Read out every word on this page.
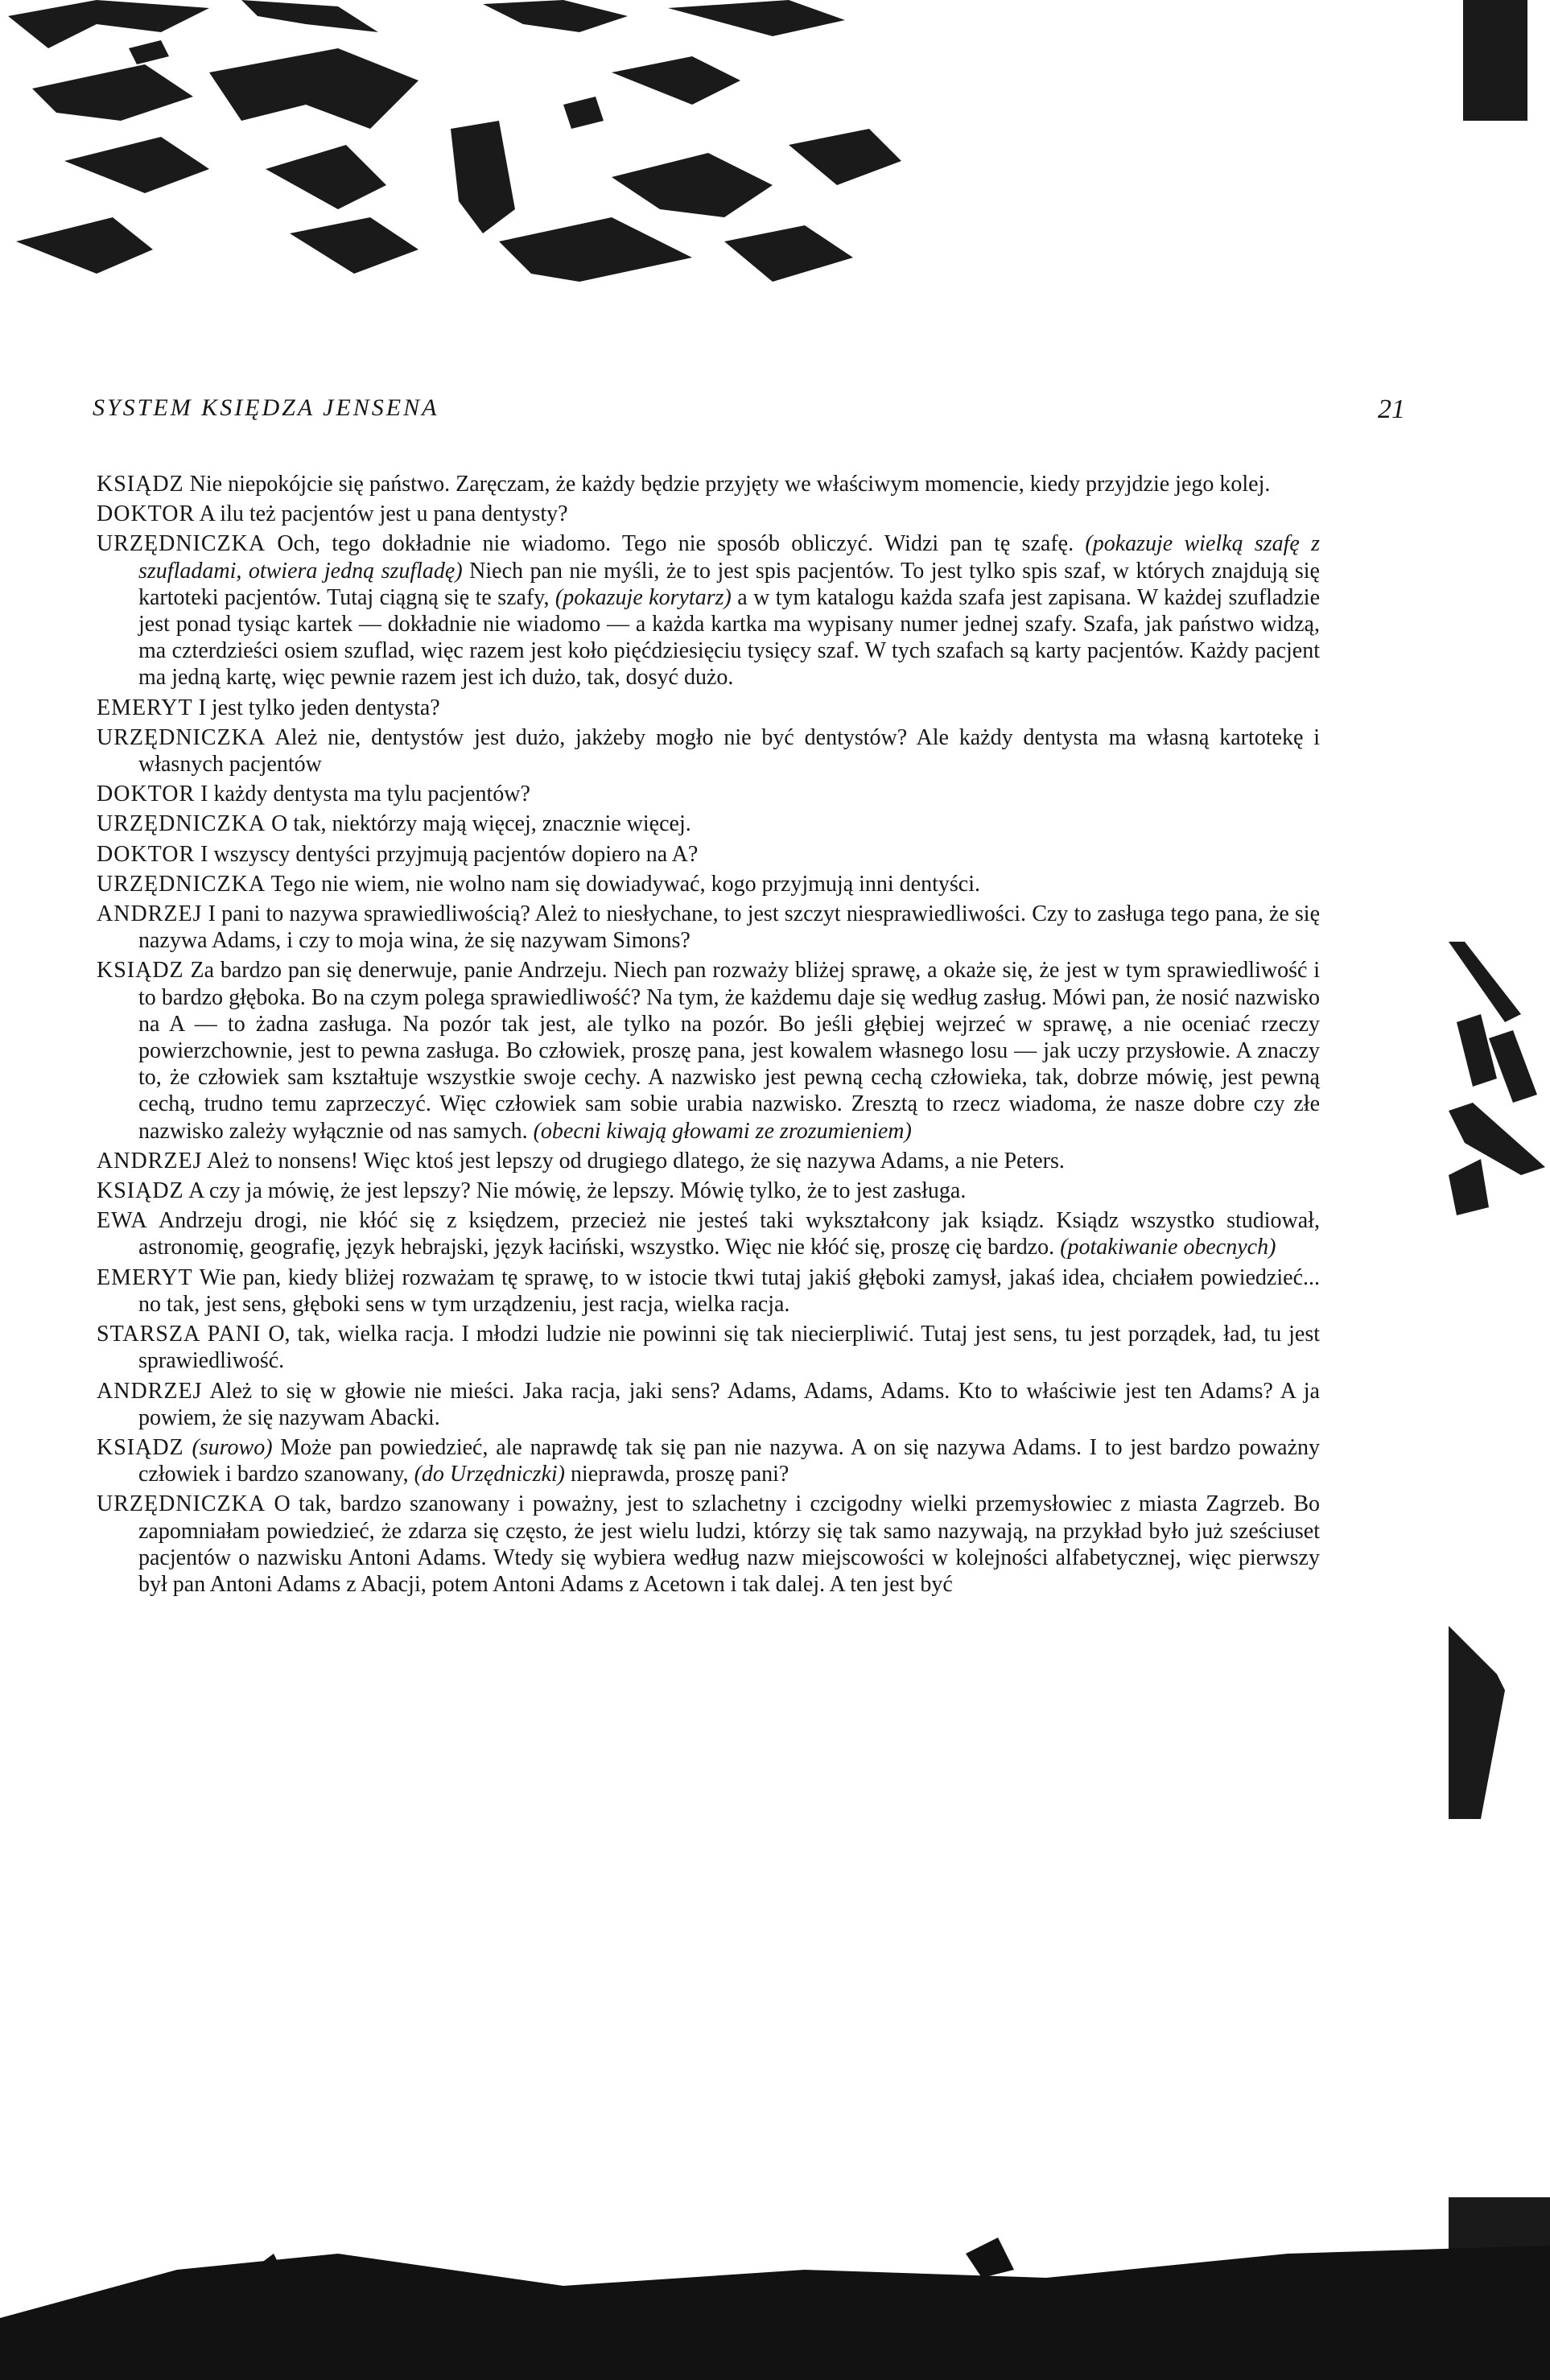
SYSTEM KSIĘDZA JENSENA	21

KSIĄDZ Nie niepokójcie się państwo. Zaręczam, że każdy będzie przyjęty we właściwym momencie, kiedy przyjdzie jego kolej.

DOKTOR A ilu też pacjentów jest u pana dentysty?

URZĘDNICZKA Och, tego dokładnie nie wiadomo. Tego nie sposób obliczyć. Widzi pan tę szafę. (pokazuje wielką szafę z szufladami, otwiera jedną szufladę) Niech pan nie myśli, że to jest spis pacjentów. To jest tylko spis szaf, w których znajdują się kartoteki pacjentów. Tutaj ciągną się te szafy, (pokazuje korytarz) a w tym katalogu każda szafa jest zapisana. W każdej szufladzie jest ponad tysiąc kartek — dokładnie nie wiadomo — a każda kartka ma wypisany numer jednej szafy. Szafa, jak państwo widzą, ma czterdzieści osiem szuflad, więc razem jest koło pięćdziesięciu tysięcy szaf. W tych szafach są karty pacjentów. Każdy pacjent ma jedną kartę, więc pewnie razem jest ich dużo, tak, dosyć dużo.

EMERYT I jest tylko jeden dentysta?

URZĘDNICZKA Ależ nie, dentystów jest dużo, jakżeby mogło nie być dentystów? Ale każdy dentysta ma własną kartotekę i własnych pacjentów

DOKTOR I każdy dentysta ma tylu pacjentów?

URZĘDNICZKA O tak, niektórzy mają więcej, znacznie więcej.

DOKTOR I wszyscy dentyści przyjmują pacjentów dopiero na A?

URZĘDNICZKA Tego nie wiem, nie wolno nam się dowiadywać, kogo przyjmują inni dentyści.

ANDRZEJ I pani to nazywa sprawiedliwością? Ależ to niesłychane, to jest szczyt niesprawiedliwości. Czy to zasługa tego pana, że się nazywa Adams, i czy to moja wina, że się nazywam Simons?

KSIĄDZ Za bardzo pan się denerwuje, panie Andrzeju. Niech pan rozważy bliżej sprawę, a okaże się, że jest w tym sprawiedliwość i to bardzo głęboka. Bo na czym polega sprawiedliwość? Na tym, że każdemu daje się według zasług. Mówi pan, że nosić nazwisko na A — to żadna zasługa. Na pozór tak jest, ale tylko na pozór. Bo jeśli głębiej wejrzeć w sprawę, a nie oceniać rzeczy powierzchownie, jest to pewna zasługa. Bo człowiek, proszę pana, jest kowalem własnego losu — jak uczy przysłowie. A znaczy to, że człowiek sam kształtuje wszystkie swoje cechy. A nazwisko jest pewną cechą człowieka, tak, dobrze mówię, jest pewną cechą, trudno temu zaprzeczyć. Więc człowiek sam sobie urabia nazwisko. Zresztą to rzecz wiadoma, że nasze dobre czy złe nazwisko zależy wyłącznie od nas samych. (obecni kiwają głowami ze zrozumieniem)

ANDRZEJ Ależ to nonsens! Więc ktoś jest lepszy od drugiego dlatego, że się nazywa Adams, a nie Peters.

KSIĄDZ A czy ja mówię, że jest lepszy? Nie mówię, że lepszy. Mówię tylko, że to jest zasługa.

EWA Andrzeju drogi, nie kłóć się z księdzem, przecież nie jesteś taki wykształcony jak ksiądz. Ksiądz wszystko studiował, astronomię, geografię, język hebrajski, język łaciński, wszystko. Więc nie kłóć się, proszę cię bardzo. (potakiwanie obecnych)

EMERYT Wie pan, kiedy bliżej rozważam tę sprawę, to w istocie tkwi tutaj jakiś głęboki zamysł, jakaś idea, chciałem powiedzieć... no tak, jest sens, głęboki sens w tym urządzeniu, jest racja, wielka racja.

STARSZA PANI O, tak, wielka racja. I młodzi ludzie nie powinni się tak niecierpliwić. Tutaj jest sens, tu jest porządek, ład, tu jest sprawiedliwość.

ANDRZEJ Ależ to się w głowie nie mieści. Jaka racja, jaki sens? Adams, Adams, Adams. Kto to właściwie jest ten Adams? A ja powiem, że się nazywam Abacki.

KSIĄDZ (surowo) Może pan powiedzieć, ale naprawdę tak się pan nie nazywa. A on się nazywa Adams. I to jest bardzo poważny człowiek i bardzo szanowany, (do Urzędniczki) nieprawda, proszę pani?

URZĘDNICZKA O tak, bardzo szanowany i poważny, jest to szlachetny i czcigodny wielki przemysłowiec z miasta Zagrzeb. Bo zapomniałam powiedzieć, że zdarza się często, że jest wielu ludzi, którzy się tak samo nazywają, na przykład było już sześciuset pacjentów o nazwisku Antoni Adams. Wtedy się wybiera według nazw miejscowości w kolejności alfabetycznej, więc pierwszy był pan Antoni Adams z Abacji, potem Antoni Adams z Acetown i tak dalej. A ten jest być
